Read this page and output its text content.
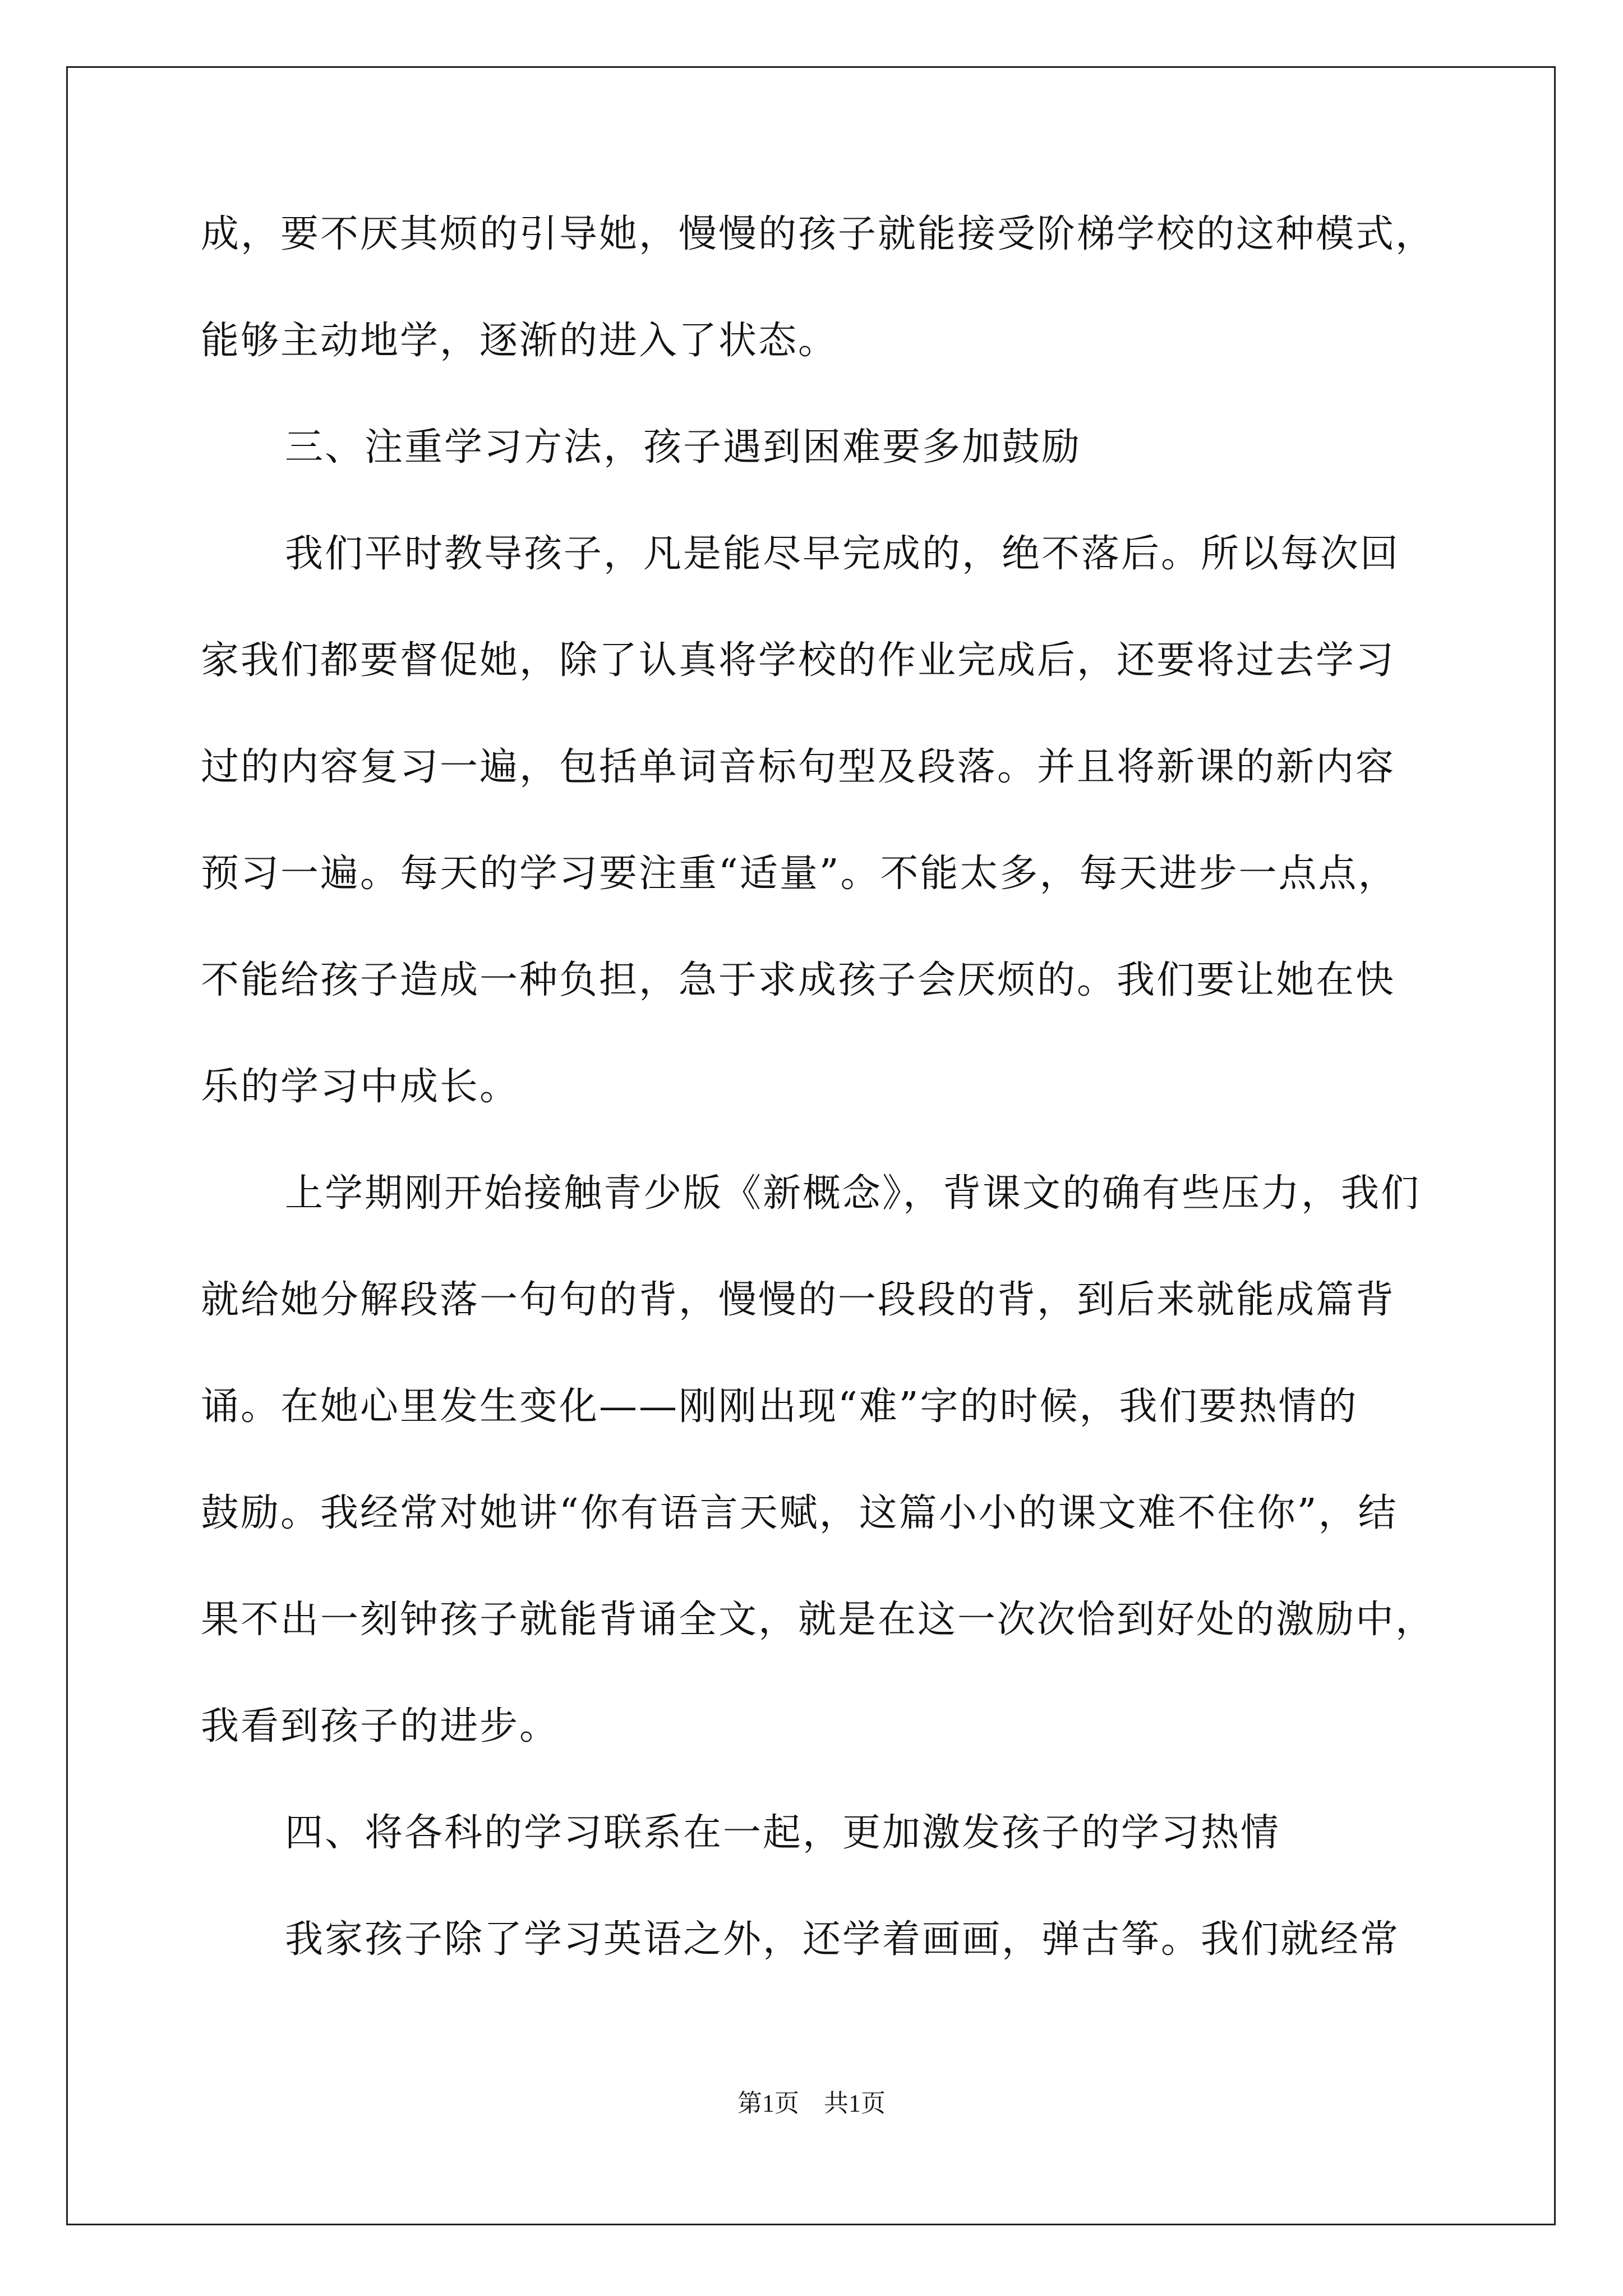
成，要不厌其烦的引导她，慢慢的孩子就能接受阶梯学校的这种模式，
能够主动地学，逐渐的进入了状态。
三、注重学习方法，孩子遇到困难要多加鼓励
我们平时教导孩子，凡是能尽早完成的，绝不落后。所以每次回
家我们都要督促她，除了认真将学校的作业完成后，还要将过去学习
过的内容复习一遍，包括单词音标句型及段落。并且将新课的新内容
预习一遍。每天的学习要注重“适量”。不能太多，每天进步一点点，
不能给孩子造成一种负担，急于求成孩子会厌烦的。我们要让她在快
乐的学习中成长。
上学期刚开始接触青少版《新概念》，背课文的确有些压力，我们
就给她分解段落一句句的背，慢慢的一段段的背，到后来就能成篇背
诵。在她心里发生变化——刚刚出现“难”字的时候，我们要热情的
鼓励。我经常对她讲“你有语言天赋，这篇小小的课文难不住你”，结
果不出一刻钟孩子就能背诵全文，就是在这一次次恰到好处的激励中，
我看到孩子的进步。
四、将各科的学习联系在一起，更加激发孩子的学习热情
我家孩子除了学习英语之外，还学着画画，弹古筝。我们就经常
第1页　共1页
